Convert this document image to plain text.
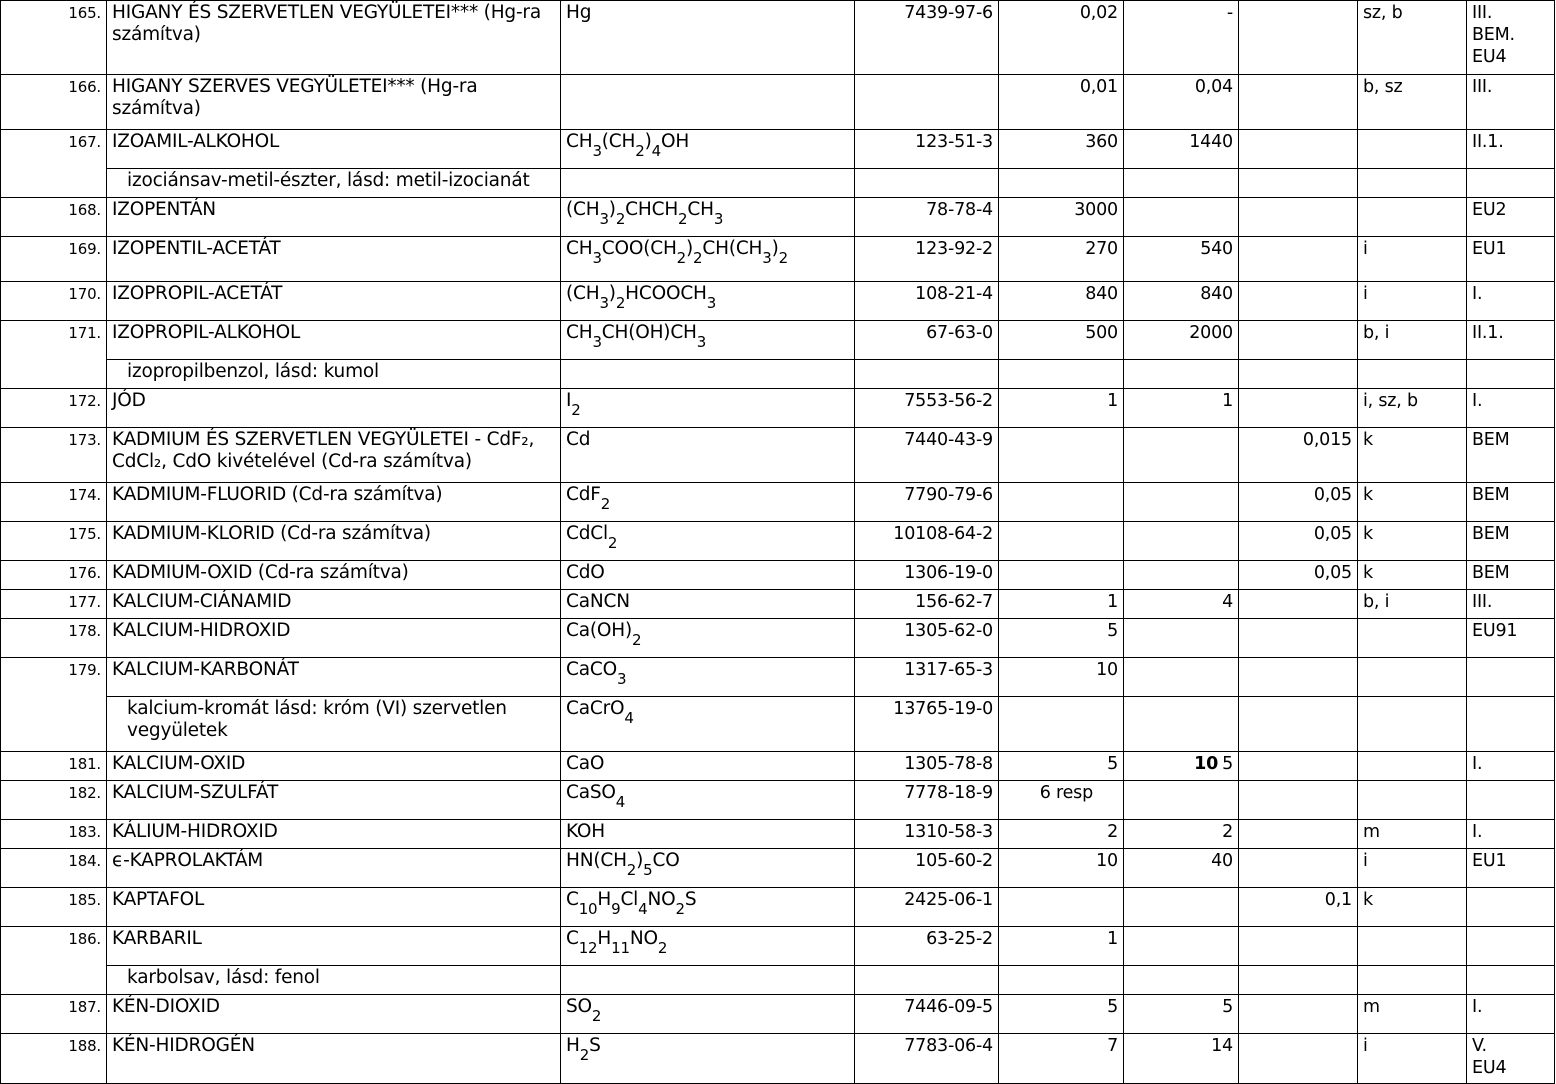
165.	HIGANY ÉS SZERVETLEN VEGYÜLETEI*** (Hg-ra számítva)	Hg	7439-97-6	0,02	-		sz, b	III.
BEM.
EU4

166.	HIGANY SZERVES VEGYÜLETEI*** (Hg-ra számítva)			0,01	0,04		b, sz	III.

167.	IZOAMIL-ALKOHOL	$CH_3(CH_2)_4OH$	123-51-3	360	1440			II.1.

	izociánsav-metil-észter, lásd: metil-izocianát							
168.	IZOPENTÁN	$(CH_3)_2CHCH_2CH_3$	78-78-4	3000				EU2

169.	IZOPENTIL-ACETÁT	$CH_3COO(CH_2)_2CH(CH_3)_2$	123-92-2	270	540		i	EU1

170.	IZOPROPIL-ACETÁT	$(CH_3)_2HCOOCH_3$	108-21-4	840	840		i	I.

171.	IZOPROPIL-ALKOHOL	$CH_3CH(OH)CH_3$	67-63-0	500	2000		b, i	II.1.

	izopropilbenzol, lásd: kumol							
172.	JÓD	$I_2$	7553-56-2	1	1		i, sz, b	I.

173.	KADMIUM ÉS SZERVETLEN VEGYÜLETEI - CdF₂, CdCl₂, CdO kivételével (Cd-ra számítva)	Cd	7440-43-9			0,015	k	BEM

174.	KADMIUM-FLUORID (Cd-ra számítva)	CdF$_2$	7790-79-6			0,05	k	BEM

175.	KADMIUM-KLORID (Cd-ra számítva)	CdCl$_2$	10108-64-2			0,05	k	BEM

176.	KADMIUM-OXID (Cd-ra számítva)	CdO	1306-19-0			0,05	k	BEM

177.	KALCIUM-CIÁNAMID	CaNCN	156-62-7	1	4		b, i	III.

178.	KALCIUM-HIDROXID	$Ca(OH)_2$	1305-62-0	5				EU91

179.	KALCIUM-KARBONÁT	CaCO$_3$	1317-65-3	10				
	kalcium-kromát lásd: króm (VI) szervetlen vegyületek	CaCrO$_4$	13765-19-0					
181.	KALCIUM-OXID	CaO	1305-78-8	5	10 5			I.

182.	KALCIUM-SZULFÁT	CaSO$_4$	7778-18-9	6 resp				
183.	KÁLIUM-HIDROXID	KOH	1310-58-3	2	2		m	I.

184.	ϵ-KAPROLAKTÁM	$HN(CH_2)_5CO$	105-60-2	10	40		i	EU1

185.	KAPTAFOL	$C_{10}H_9Cl_4NO_2S$	2425-06-1			0,1	k	
186.	KARBARIL	$C_{12}H_{11}NO_2$	63-25-2	1				
	karbolsav, lásd: fenol							
187.	KÉN-DIOXID	$SO_2$	7446-09-5	5	5		m	I.

188.	KÉN-HIDROGÉN	$H_2S$	7783-06-4	7	14		i	V.
EU4
